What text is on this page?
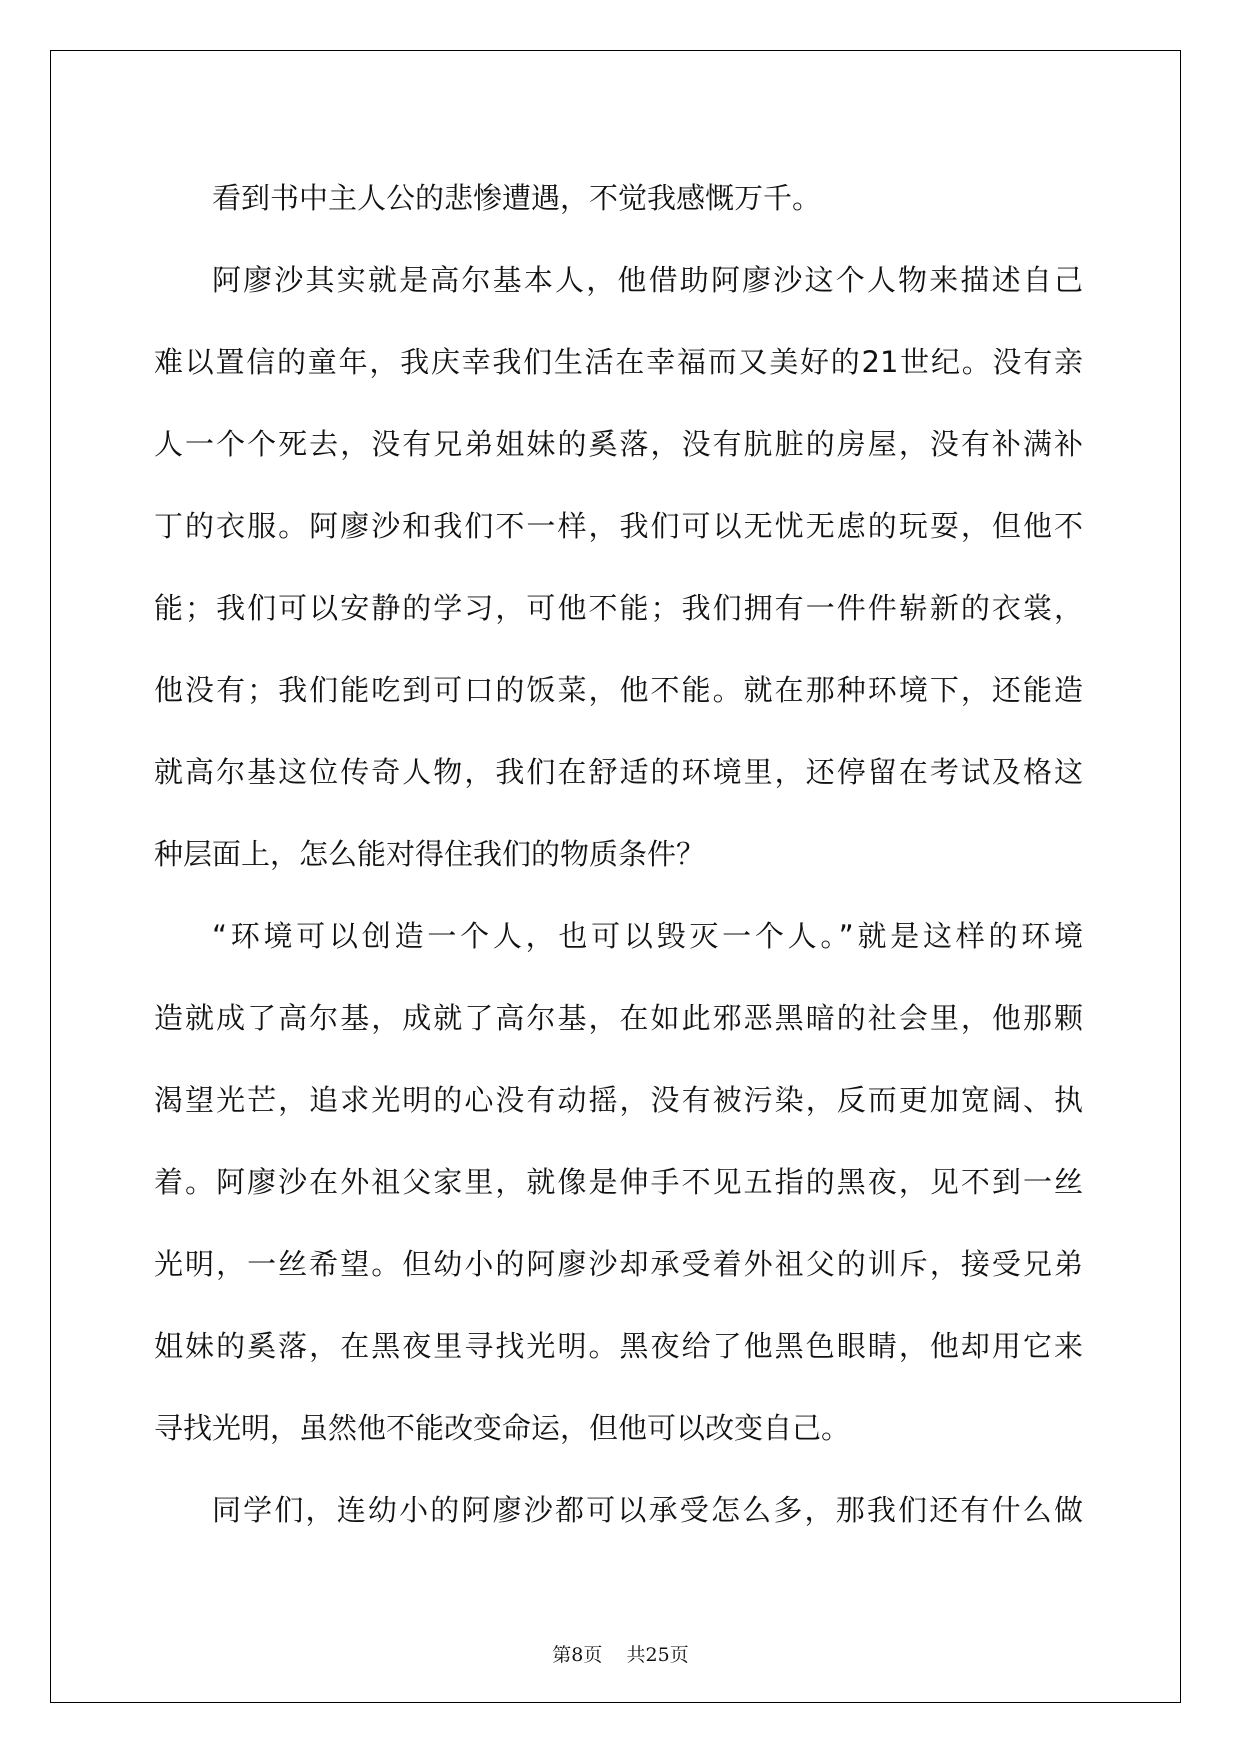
看到书中主人公的悲惨遭遇，不觉我感慨万千。
阿廖沙其实就是高尔基本人，他借助阿廖沙这个人物来描述自己
难以置信的童年，我庆幸我们生活在幸福而又美好的21世纪。没有亲
人一个个死去，没有兄弟姐妹的奚落，没有肮脏的房屋，没有补满补
丁的衣服。阿廖沙和我们不一样，我们可以无忧无虑的玩耍，但他不
能；我们可以安静的学习，可他不能；我们拥有一件件崭新的衣裳，
他没有；我们能吃到可口的饭菜，他不能。就在那种环境下，还能造
就高尔基这位传奇人物，我们在舒适的环境里，还停留在考试及格这
种层面上，怎么能对得住我们的物质条件？
“环境可以创造一个人，也可以毁灭一个人。”就是这样的环境
造就成了高尔基，成就了高尔基，在如此邪恶黑暗的社会里，他那颗
渴望光芒，追求光明的心没有动摇，没有被污染，反而更加宽阔、执
着。阿廖沙在外祖父家里，就像是伸手不见五指的黑夜，见不到一丝
光明，一丝希望。但幼小的阿廖沙却承受着外祖父的训斥，接受兄弟
姐妹的奚落，在黑夜里寻找光明。黑夜给了他黑色眼睛，他却用它来
寻找光明，虽然他不能改变命运，但他可以改变自己。
同学们，连幼小的阿廖沙都可以承受怎么多，那我们还有什么做
第8页 共25页
